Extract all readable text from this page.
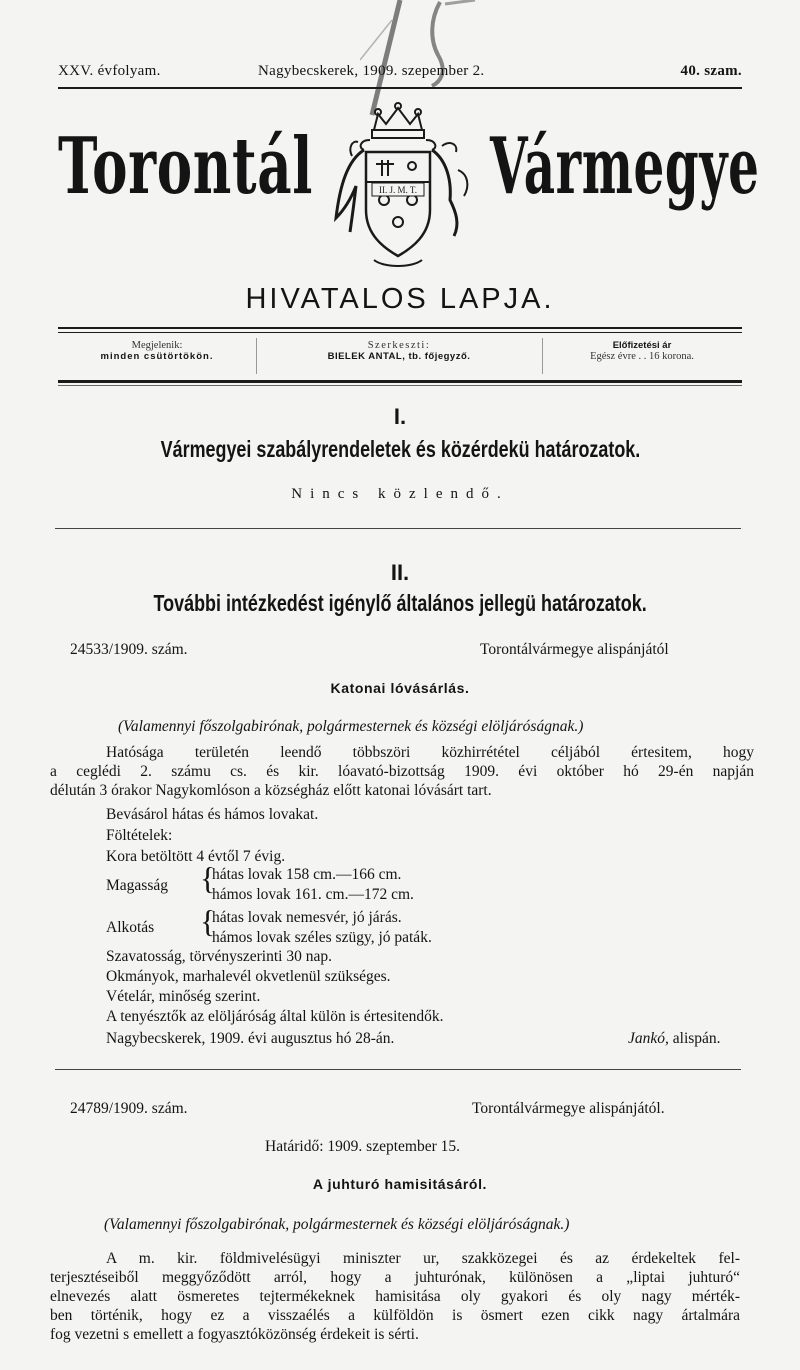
XXV. évfolyam.	Nagybecskerek, 1909. szepember 2.	40. szam.
Torontál Vármegye
II. J. M. T.
HIVATALOS LAPJA.
Megjelenik:
minden csütörtökön.
Szerkeszti:
BIELEK ANTAL, tb. főjegyző.
Előfizetési ár
Egész évre . . 16 korona.
I.
Vármegyei szabályrendeletek és közérdekü határozatok.
Nincs közlendő.
II.
További intézkedést igénylő általános jellegü határozatok.
24533/1909. szám.	Torontálvármegye alispánjától
Katonai lóvásárlás.
(Valamennyi főszolgabirónak, polgármesternek és községi elöljáróságnak.)
Hatósága területén leendő többszöri közhirrététel céljából értesitem, hogy
a ceglédi 2. számu cs. és kir. lóavató-bizottság 1909. évi október hó 29-én napján
délután 3 órakor Nagykomlóson a községház előtt katonai lóvásárt tart.
Bevásárol hátas és hámos lovakat.
Föltételek:
Kora betöltött 4 évtől 7 évig.
Magasság {
hátas lovak 158 cm.—166 cm.
hámos lovak 161. cm.—172 cm.
Alkotás {
hátas lovak nemesvér, jó járás.
hámos lovak széles szügy, jó paták.
Szavatosság, törvényszerinti 30 nap.
Okmányok, marhalevél okvetlenül szükséges.
Vételár, minőség szerint.
A tenyésztők az elöljáróság által külön is értesitendők.
Nagybecskerek, 1909. évi augusztus hó 28-án.	Jankó, alispán.
24789/1909. szám.	Torontálvármegye alispánjától.
Határidő: 1909. szeptember 15.
A juhturó hamisitásáról.
(Valamennyi főszolgabirónak, polgármesternek és községi elöljáróságnak.)
A m. kir. földmivelésügyi miniszter ur, szakközegei és az érdekeltek fel-
terjesztéseiből meggyőződött arról, hogy a juhturónak, különösen a „liptai juhturó“
elnevezés alatt ösmeretes tejtermékeknek hamisitása oly gyakori és oly nagy mérték-
ben történik, hogy ez a visszaélés a külföldön is ösmert ezen cikk nagy ártalmára
fog vezetni s emellett a fogyasztóközönség érdekeit is sérti.
